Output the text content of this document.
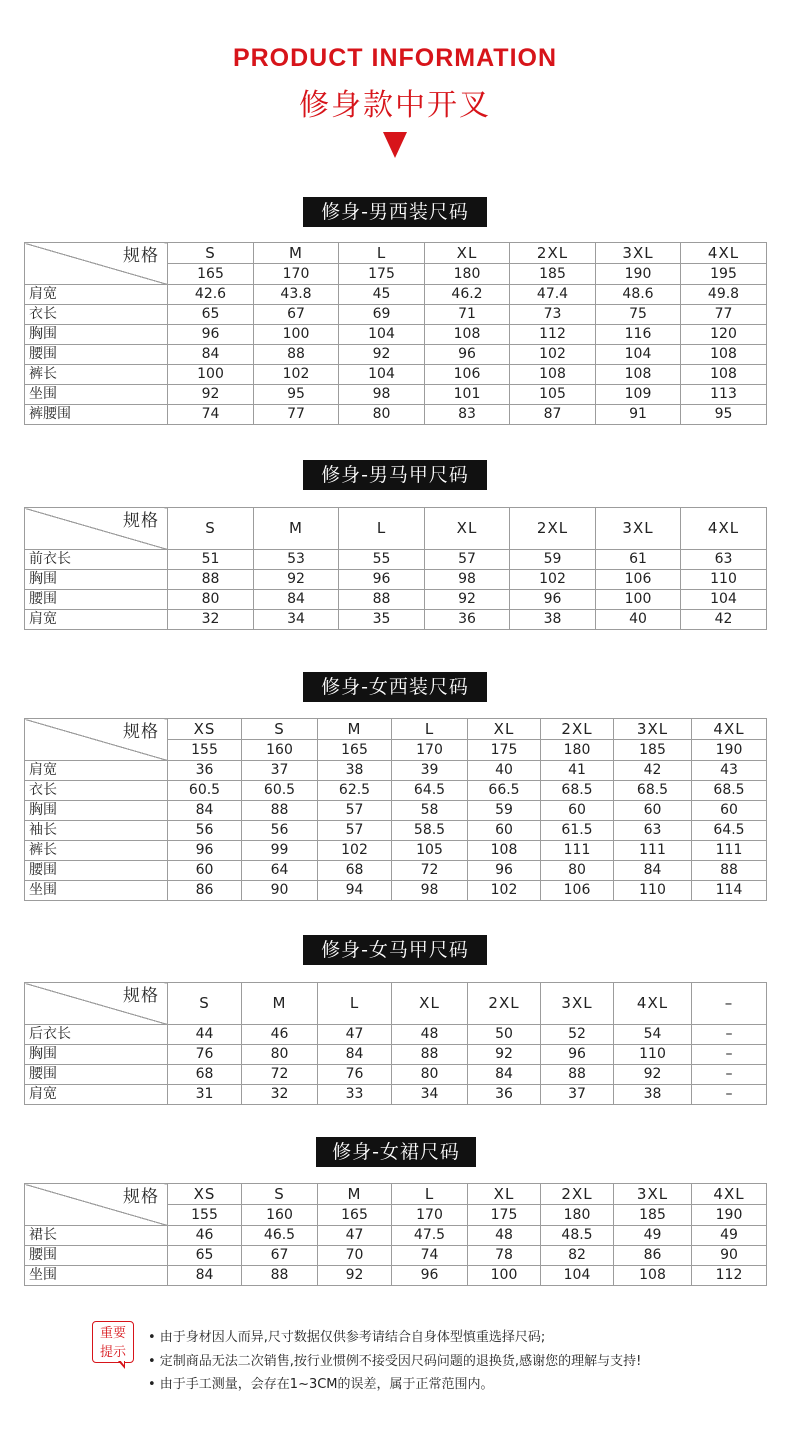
PRODUCT INFORMATION
修身款中开叉
修身-男西装尺码
规格	S	M	L	XL	2XL	3XL	4XL
	165	170	175	180	185	190	195
肩宽	42.6	43.8	45	46.2	47.4	48.6	49.8
衣长	65	67	69	71	73	75	77
胸围	96	100	104	108	112	116	120
腰围	84	88	92	96	102	104	108
裤长	100	102	104	106	108	108	108
坐围	92	95	98	101	105	109	113
裤腰围	74	77	80	83	87	91	95
修身-男马甲尺码
规格	S	M	L	XL	2XL	3XL	4XL
前衣长	51	53	55	57	59	61	63
胸围	88	92	96	98	102	106	110
腰围	80	84	88	92	96	100	104
肩宽	32	34	35	36	38	40	42
修身-女西装尺码
规格	XS	S	M	L	XL	2XL	3XL	4XL
	155	160	165	170	175	180	185	190
肩宽	36	37	38	39	40	41	42	43
衣长	60.5	60.5	62.5	64.5	66.5	68.5	68.5	68.5
胸围	84	88	57	58	59	60	60	60
袖长	56	56	57	58.5	60	61.5	63	64.5
裤长	96	99	102	105	108	111	111	111
腰围	60	64	68	72	96	80	84	88
坐围	86	90	94	98	102	106	110	114
修身-女马甲尺码
规格	S	M	L	XL	2XL	3XL	4XL	–
后衣长	44	46	47	48	50	52	54	–
胸围	76	80	84	88	92	96	110	–
腰围	68	72	76	80	84	88	92	–
肩宽	31	32	33	34	36	37	38	–
修身-女裙尺码
规格	XS	S	M	L	XL	2XL	3XL	4XL
	155	160	165	170	175	180	185	190
裙长	46	46.5	47	47.5	48	48.5	49	49
腰围	65	67	70	74	78	82	86	90
坐围	84	88	92	96	100	104	108	112
重要
提示
• 由于身材因人而异,尺寸数据仅供参考请结合自身体型慎重选择尺码;
• 定制商品无法二次销售,按行业惯例不接受因尺码问题的退换货,感谢您的理解与支持!
• 由于手工测量，会存在1~3CM的误差，属于正常范围内。
